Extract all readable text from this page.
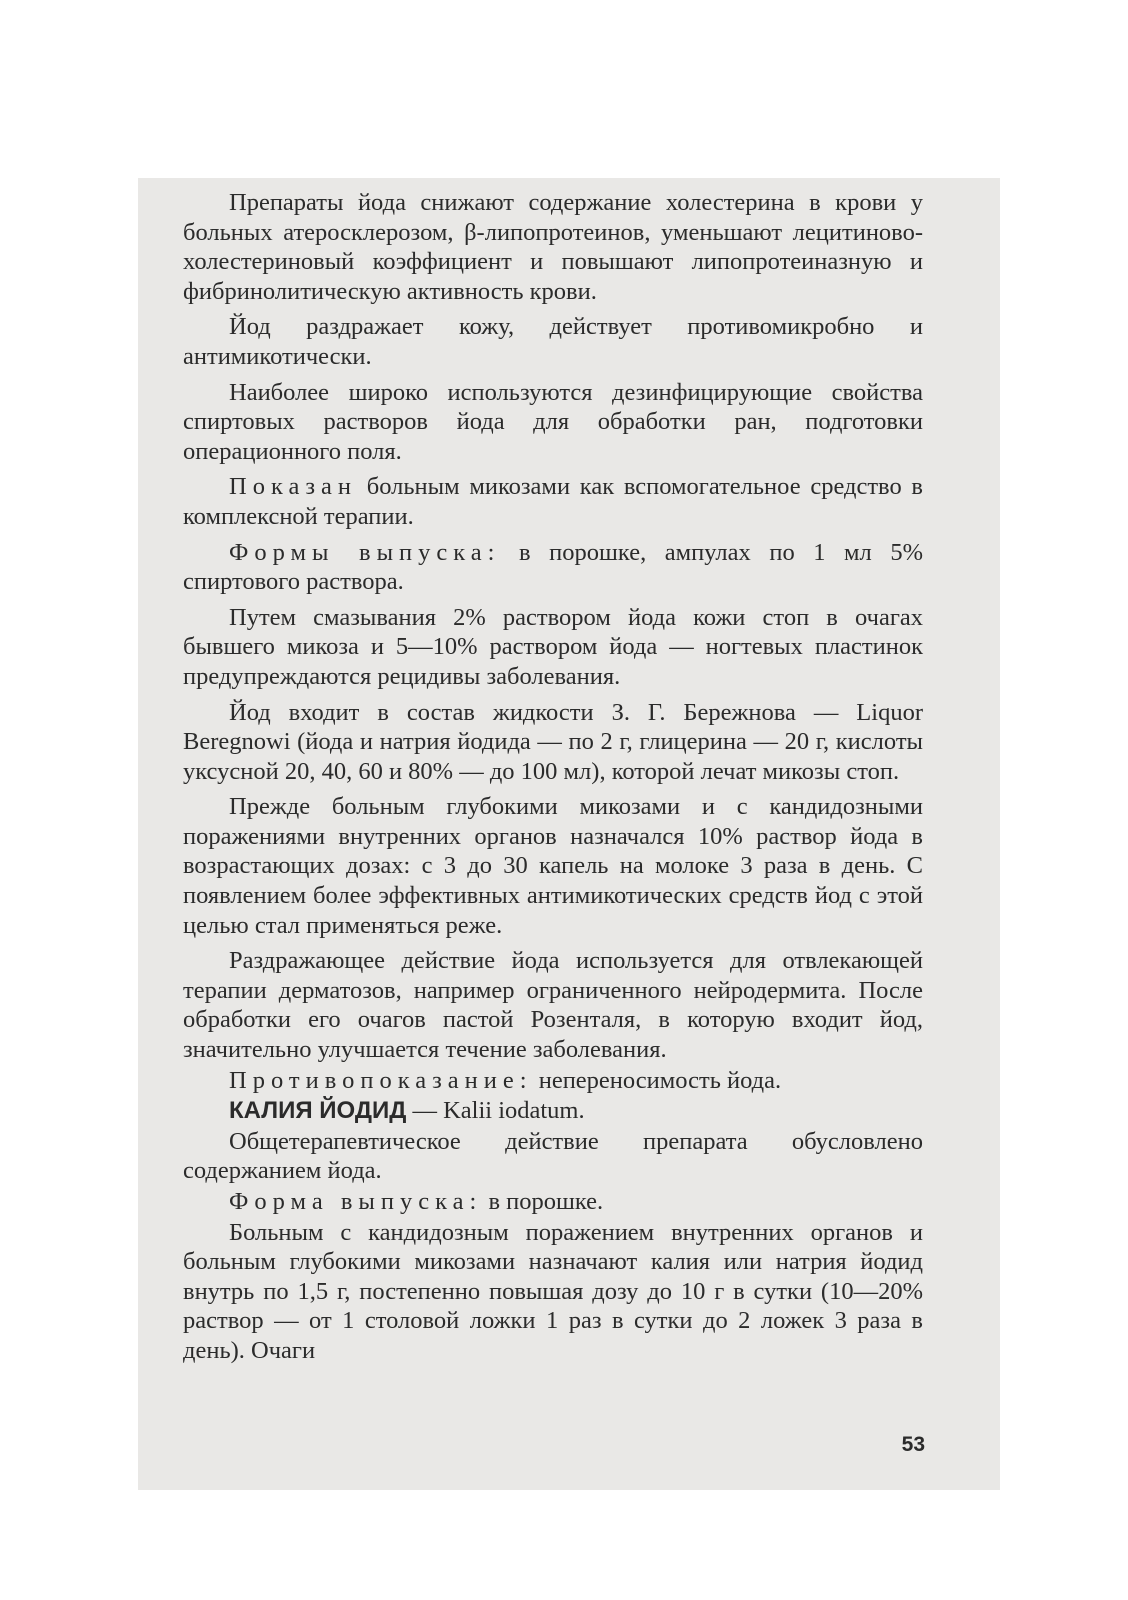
Препараты йода снижают содержание холестерина в крови у больных атеросклерозом, β-липопротеинов, уменьшают лецитиново-холестериновый коэффициент и повышают липопротеиназную и фибринолитическую активность крови.

Йод раздражает кожу, действует противомикробно и антимикотически.

Наиболее широко используются дезинфицирующие свойства спиртовых растворов йода для обработки ран, подготовки операционного поля.

Показан больным микозами как вспомогательное средство в комплексной терапии.

Формы выпуска: в порошке, ампулах по 1 мл 5% спиртового раствора.

Путем смазывания 2% раствором йода кожи стоп в очагах бывшего микоза и 5—10% раствором йода — ногтевых пластинок предупреждаются рецидивы заболевания.

Йод входит в состав жидкости З. Г. Бережнова — Liquor Beregnowi (йода и натрия йодида — по 2 г, глицерина — 20 г, кислоты уксусной 20, 40, 60 и 80% — до 100 мл), которой лечат микозы стоп.

Прежде больным глубокими микозами и с кандидозными поражениями внутренних органов назначался 10% раствор йода в возрастающих дозах: с 3 до 30 капель на молоке 3 раза в день. С появлением более эффективных антимикотических средств йод с этой целью стал применяться реже.

Раздражающее действие йода используется для отвлекающей терапии дерматозов, например ограниченного нейродермита. После обработки его очагов пастой Розенталя, в которую входит йод, значительно улучшается течение заболевания.

Противопоказание: непереносимость йода.

КАЛИЯ ЙОДИД — Kalii iodatum.

Общетерапевтическое действие препарата обусловлено содержанием йода.

Форма выпуска: в порошке.

Больным с кандидозным поражением внутренних органов и больным глубокими микозами назначают калия или натрия йодид внутрь по 1,5 г, постепенно повышая дозу до 10 г в сутки (10—20% раствор — от 1 столовой ложки 1 раз в сутки до 2 ложек 3 раза в день). Очаги

53
